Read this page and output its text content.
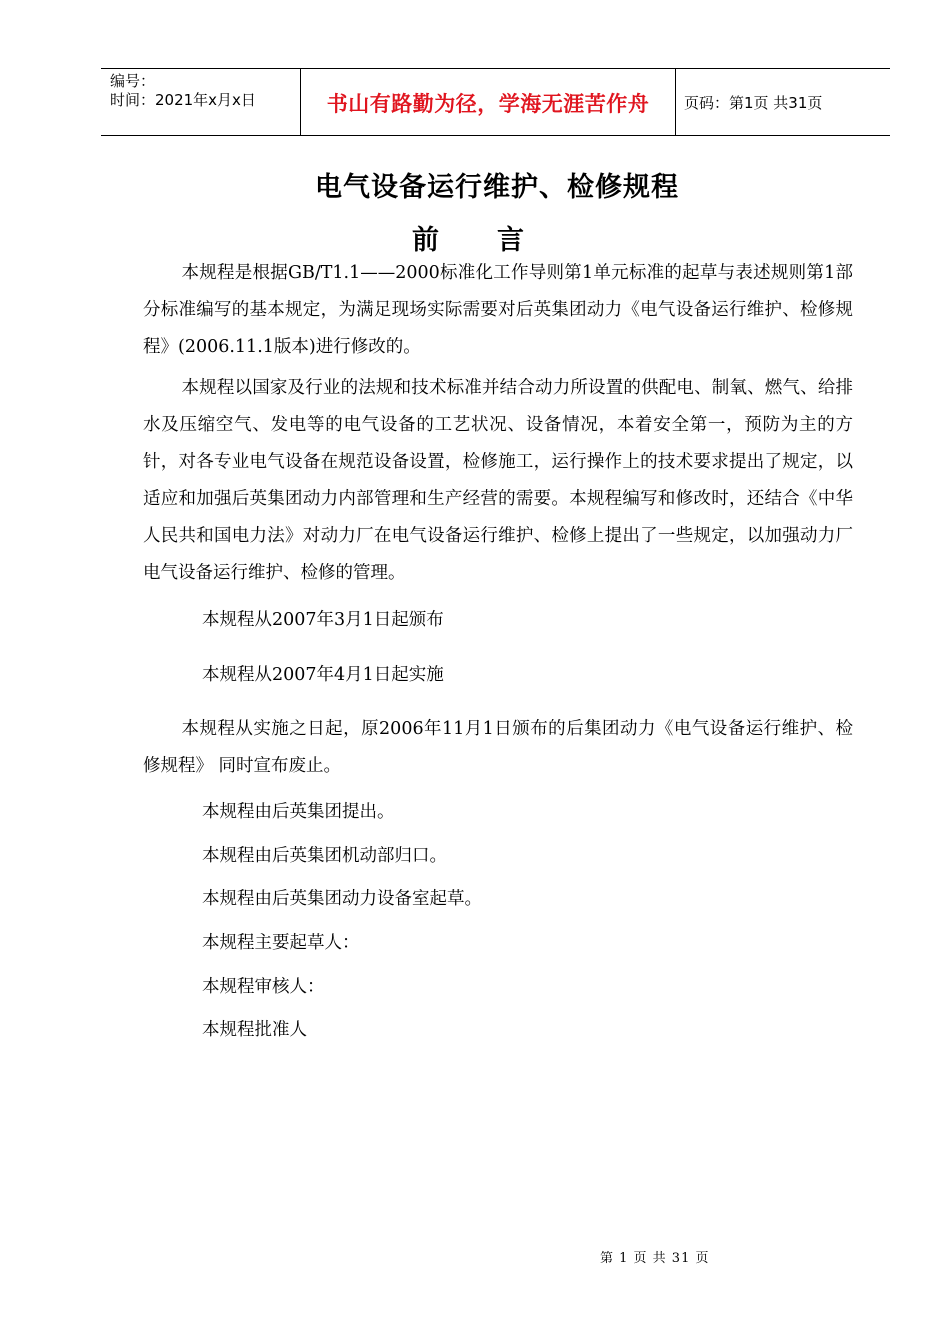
编号：
时间：2021年x月x日	书山有路勤为径，学海无涯苦作舟 页码：第1页 共31页
电气设备运行维护、检修规程
前言

本规程是根据GB/T1.1——2000标准化工作导则第1单元标准的起草与表述规则第1部分标准编写的基本规定，为满足现场实际需要对后英集团动力《电气设备运行维护、检修规程》(2006.11.1版本)进行修改的。

本规程以国家及行业的法规和技术标准并结合动力所设置的供配电、制氧、燃气、给排水及压缩空气、发电等的电气设备的工艺状况、设备情况，本着安全第一，预防为主的方针，对各专业电气设备在规范设备设置，检修施工，运行操作上的技术要求提出了规定，以适应和加强后英集团动力内部管理和生产经营的需要。本规程编写和修改时，还结合《中华人民共和国电力法》对动力厂在电气设备运行维护、检修上提出了一些规定，以加强动力厂电气设备运行维护、检修的管理。

本规程从2007年3月1日起颁布
本规程从2007年4月1日起实施

本规程从实施之日起，原2006年11月1日颁布的后集团动力《电气设备运行维护、检修规程》 同时宣布废止。

本规程由后英集团提出。
本规程由后英集团机动部归口。
本规程由后英集团动力设备室起草。
本规程主要起草人：
本规程审核人：
本规程批准人
第 1 页 共 31 页
